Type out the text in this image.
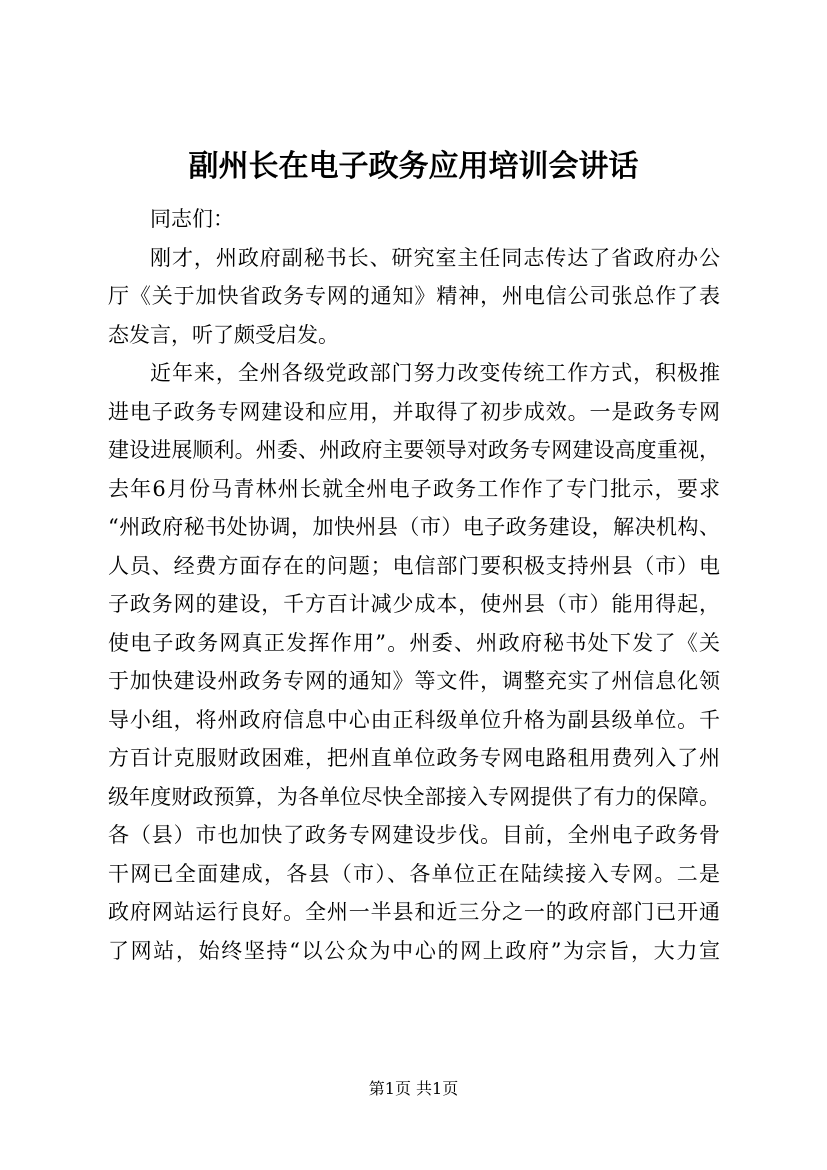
副州长在电子政务应用培训会讲话
同志们：
刚才，州政府副秘书长、研究室主任同志传达了省政府办公
厅《关于加快省政务专网的通知》精神，州电信公司张总作了表
态发言，听了颇受启发。
近年来，全州各级党政部门努力改变传统工作方式，积极推
进电子政务专网建设和应用，并取得了初步成效。一是政务专网
建设进展顺利。州委、州政府主要领导对政务专网建设高度重视，
去年6月份马青林州长就全州电子政务工作作了专门批示，要求
“州政府秘书处协调，加快州县（市）电子政务建设，解决机构、
人员、经费方面存在的问题；电信部门要积极支持州县（市）电
子政务网的建设，千方百计减少成本，使州县（市）能用得起，
使电子政务网真正发挥作用”。州委、州政府秘书处下发了《关
于加快建设州政务专网的通知》等文件，调整充实了州信息化领
导小组，将州政府信息中心由正科级单位升格为副县级单位。千
方百计克服财政困难，把州直单位政务专网电路租用费列入了州
级年度财政预算，为各单位尽快全部接入专网提供了有力的保障。
各（县）市也加快了政务专网建设步伐。目前，全州电子政务骨
干网已全面建成，各县（市）、各单位正在陆续接入专网。二是
政府网站运行良好。全州一半县和近三分之一的政府部门已开通
了网站，始终坚持“以公众为中心的网上政府”为宗旨，大力宣
第1页 共1页
